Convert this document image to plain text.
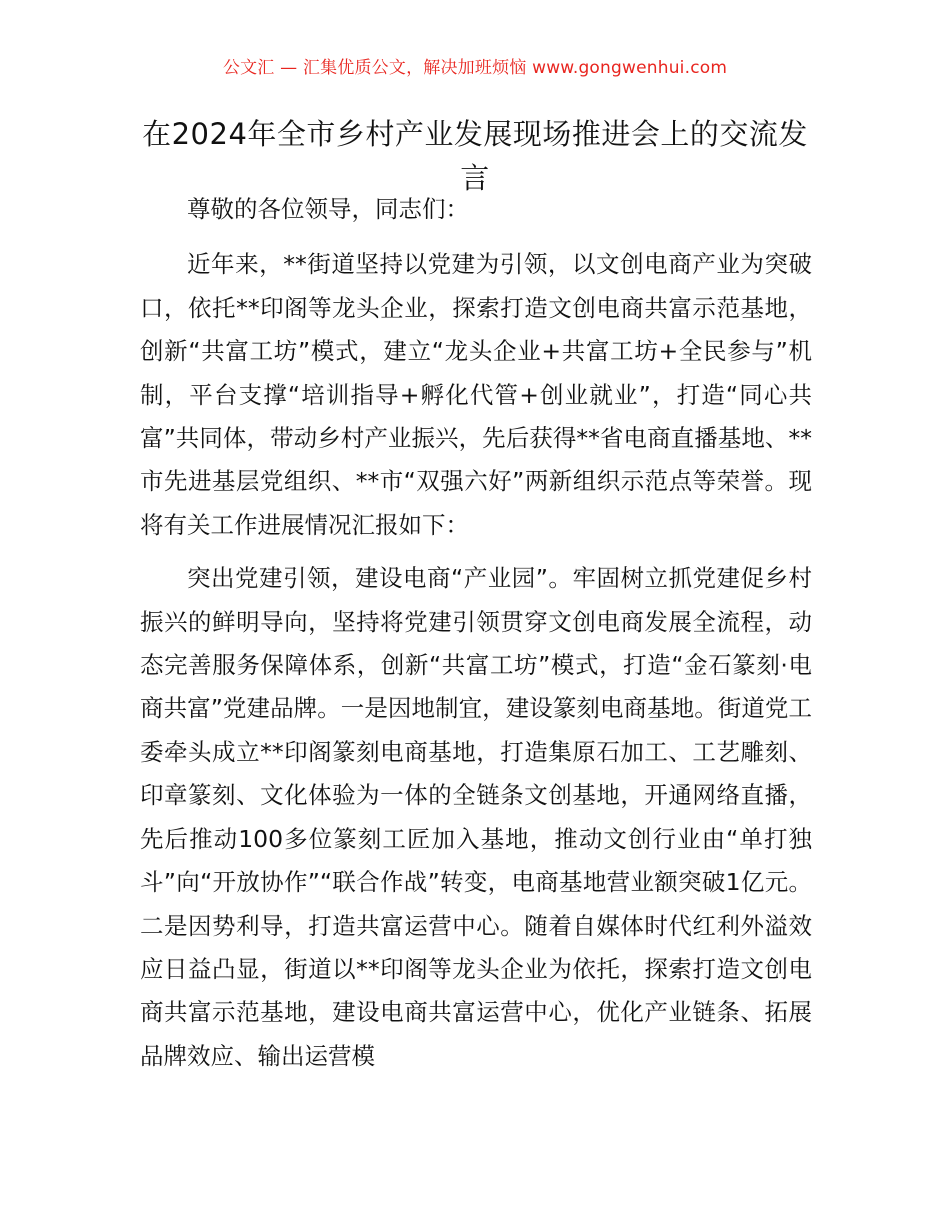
公文汇 — 汇集优质公文，解决加班烦恼 www.gongwenhui.com
在2024年全市乡村产业发展现场推进会上的交流发言

尊敬的各位领导，同志们：

近年来，**街道坚持以党建为引领，以文创电商产业为突破口，依托**印阁等龙头企业，探索打造文创电商共富示范基地，创新“共富工坊”模式，建立“龙头企业+共富工坊+全民参与”机制，平台支撑“培训指导+孵化代管+创业就业”，打造“同心共富”共同体，带动乡村产业振兴，先后获得**省电商直播基地、**市先进基层党组织、**市“双强六好”两新组织示范点等荣誉。现将有关工作进展情况汇报如下：

突出党建引领，建设电商“产业园”。牢固树立抓党建促乡村振兴的鲜明导向，坚持将党建引领贯穿文创电商发展全流程，动态完善服务保障体系，创新“共富工坊”模式，打造“金石篆刻·电商共富”党建品牌。一是因地制宜，建设篆刻电商基地。街道党工委牵头成立**印阁篆刻电商基地，打造集原石加工、工艺雕刻、印章篆刻、文化体验为一体的全链条文创基地，开通网络直播，先后推动100多位篆刻工匠加入基地，推动文创行业由“单打独斗”向“开放协作”“联合作战”转变，电商基地营业额突破1亿元。二是因势利导，打造共富运营中心。随着自媒体时代红利外溢效应日益凸显，街道以**印阁等龙头企业为依托，探索打造文创电商共富示范基地，建设电商共富运营中心，优化产业链条、拓展品牌效应、输出运营模
